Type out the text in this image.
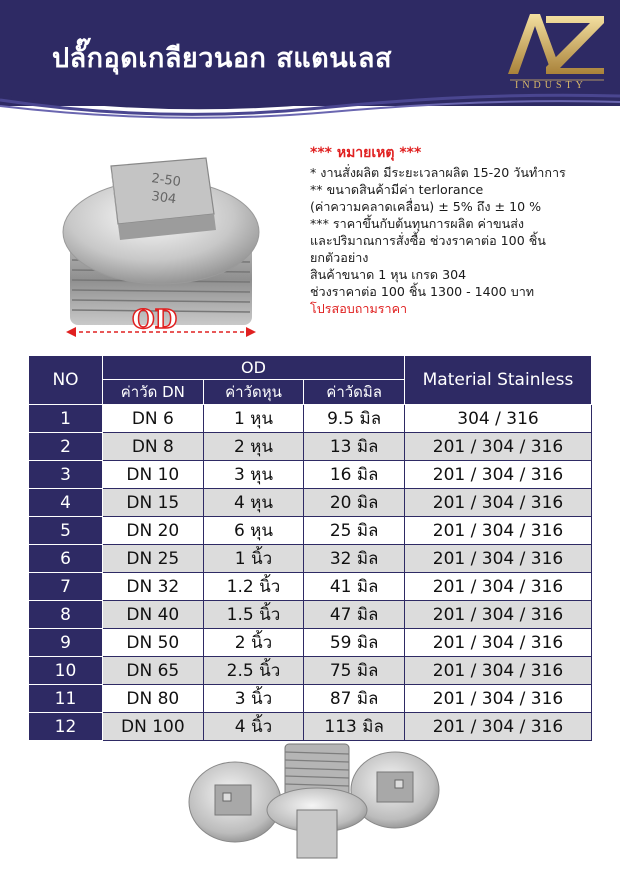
ปลั๊กอุดเกลียวนอก สแตนเลส
INDUSTY
2-50
304
OD
*** หมายเหตุ ***
* งานสั่งผลิต มีระยะเวลาผลิต 15-20 วันทำการ
** ขนาดสินค้ามีค่า terlorance
(ค่าความคลาดเคลื่อน) ± 5% ถึง ± 10 %
*** ราคาขึ้นกับต้นทุนการผลิต ค่าขนส่ง
และปริมาณการสั่งซื้อ ช่วงราคาต่อ 100 ชิ้น
ยกตัวอย่าง
สินค้าขนาด 1 หุน เกรด 304
ช่วงราคาต่อ 100 ชิ้น 1300 - 1400 บาท
โปรสอบถามราคา
NO	OD			Material Stainless
	ค่าวัด DN	ค่าวัดหุน	ค่าวัดมิล	
1	DN 6	1 หุน	9.5 มิล	304 / 316
2	DN 8	2 หุน	13 มิล	201 / 304 / 316
3	DN 10	3 หุน	16 มิล	201 / 304 / 316
4	DN 15	4 หุน	20 มิล	201 / 304 / 316
5	DN 20	6 หุน	25 มิล	201 / 304 / 316
6	DN 25	1 นิ้ว	32 มิล	201 / 304 / 316
7	DN 32	1.2 นิ้ว	41 มิล	201 / 304 / 316
8	DN 40	1.5 นิ้ว	47 มิล	201 / 304 / 316
9	DN 50	2 นิ้ว	59 มิล	201 / 304 / 316
10	DN 65	2.5 นิ้ว	75 มิล	201 / 304 / 316
11	DN 80	3 นิ้ว	87 มิล	201 / 304 / 316
12	DN 100	4 นิ้ว	113 มิล	201 / 304 / 316
